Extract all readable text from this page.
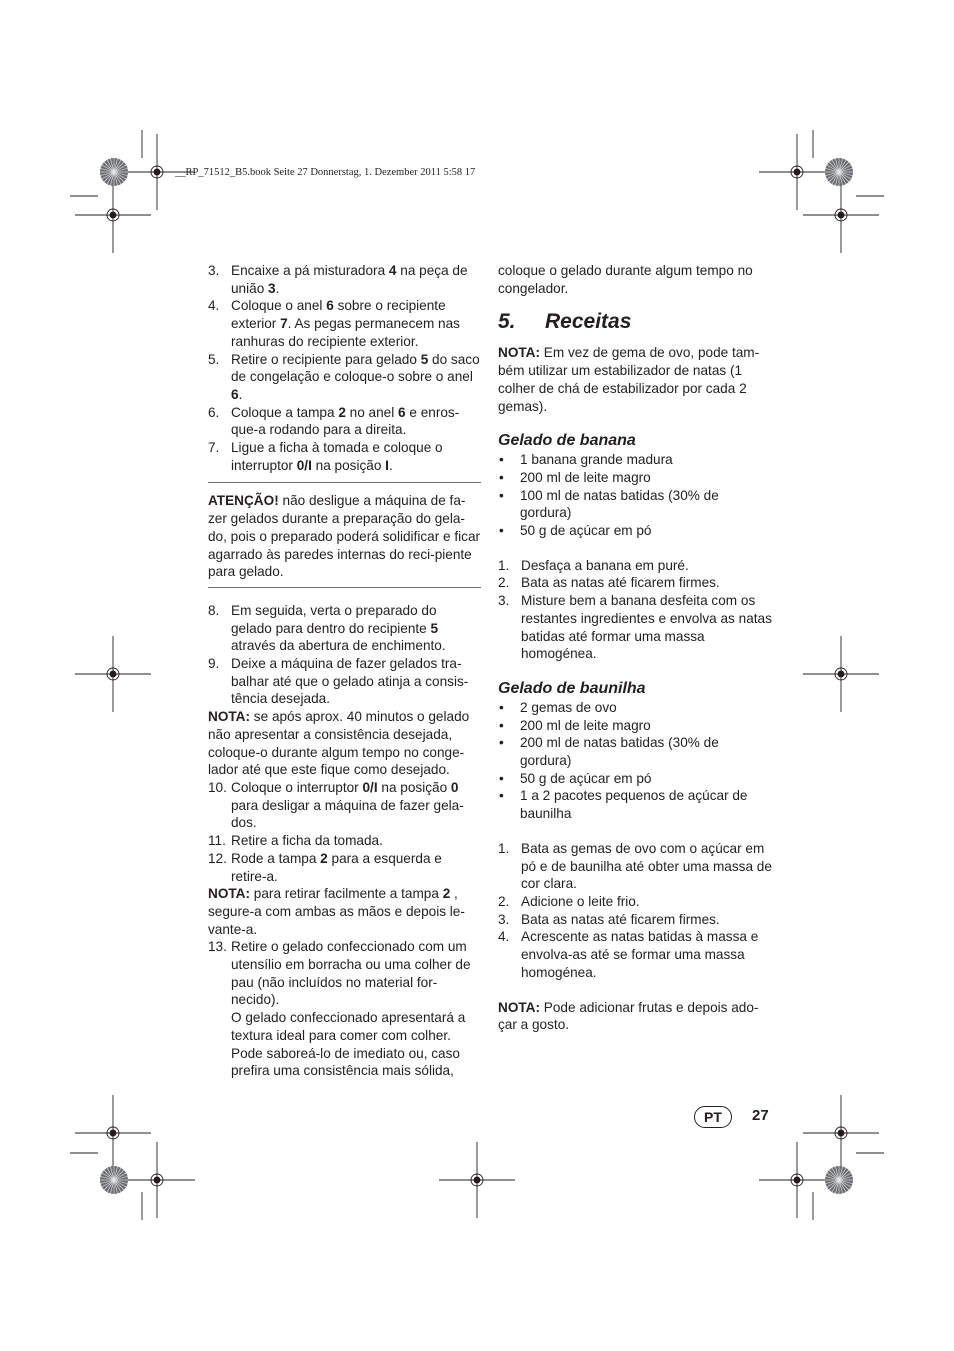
__RP_71512_B5.book Seite 27 Donnerstag, 1. Dezember 2011 5:58 17
3. Encaixe a pá misturadora 4 na peça de união 3.
4. Coloque o anel 6 sobre o recipiente exterior 7. As pegas permanecem nas ranhuras do recipiente exterior.
5. Retire o recipiente para gelado 5 do saco de congelação e coloque-o sobre o anel 6.
6. Coloque a tampa 2 no anel 6 e enros-que-a rodando para a direita.
7. Ligue a ficha à tomada e coloque o interruptor 0/I na posição I.
ATENÇÃO! não desligue a máquina de fa-zer gelados durante a preparação do gela-do, pois o preparado poderá solidificar e ficar agarrado às paredes internas do reci-piente para gelado.
8. Em seguida, verta o preparado do gelado para dentro do recipiente 5 através da abertura de enchimento.
9. Deixe a máquina de fazer gelados tra-balhar até que o gelado atinja a consis-tência desejada.
NOTA: se após aprox. 40 minutos o gelado não apresentar a consistência desejada, coloque-o durante algum tempo no conge-lador até que este fique como desejado.
10. Coloque o interruptor 0/I na posição 0 para desligar a máquina de fazer gela-dos.
11. Retire a ficha da tomada.
12. Rode a tampa 2 para a esquerda e retire-a.
NOTA: para retirar facilmente a tampa 2 , segure-a com ambas as mãos e depois le-vante-a.
13. Retire o gelado confeccionado com um utensílio em borracha ou uma colher de pau (não incluídos no material for-necido).
O gelado confeccionado apresentará a textura ideal para comer com colher. Pode saboreá-lo de imediato ou, caso prefira uma consistência mais sólida,
coloque o gelado durante algum tempo no congelador.
5. Receitas
NOTA: Em vez de gema de ovo, pode tam-bém utilizar um estabilizador de natas (1 colher de chá de estabilizador por cada 2 gemas).
Gelado de banana
• 1 banana grande madura
• 200 ml de leite magro
• 100 ml de natas batidas (30% de gordura)
• 50 g de açúcar em pó
1. Desfaça a banana em puré.
2. Bata as natas até ficarem firmes.
3. Misture bem a banana desfeita com os restantes ingredientes e envolva as natas batidas até formar uma massa homogénea.
Gelado de baunilha
• 2 gemas de ovo
• 200 ml de leite magro
• 200 ml de natas batidas (30% de gordura)
• 50 g de açúcar em pó
• 1 a 2 pacotes pequenos de açúcar de baunilha
1. Bata as gemas de ovo com o açúcar em pó e de baunilha até obter uma massa de cor clara.
2. Adicione o leite frio.
3. Bata as natas até ficarem firmes.
4. Acrescente as natas batidas à massa e envolva-as até se formar uma massa homogénea.
NOTA: Pode adicionar frutas e depois ado-çar a gosto.
PT	27
